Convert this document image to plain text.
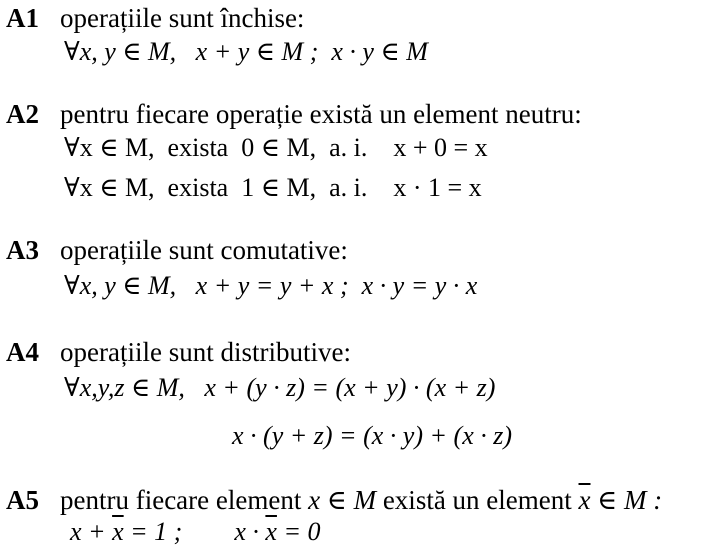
A1 operațiile sunt închise:
∀x, y ∈ M,   x + y ∈ M ;  x · y ∈ M
A2 pentru fiecare operație există un element neutru:
∀x ∈ M,  exista  0 ∈ M,  a. i.    x + 0 = x
∀x ∈ M,  exista  1 ∈ M,  a. i.    x · 1 = x
A3 operațiile sunt comutative:
∀x, y ∈ M,   x + y = y + x ;  x · y = y · x
A4 operațiile sunt distributive:
∀x,y,z ∈ M,   x + (y · z) = (x + y) · (x + z)
x · (y + z) = (x · y) + (x · z)
A5 pentru fiecare element x ∈ M există un element $\overline{x}$ ∈ M :
$x + \overline{x} = 1$ ;        $x \cdot \overline{x} = 0$
